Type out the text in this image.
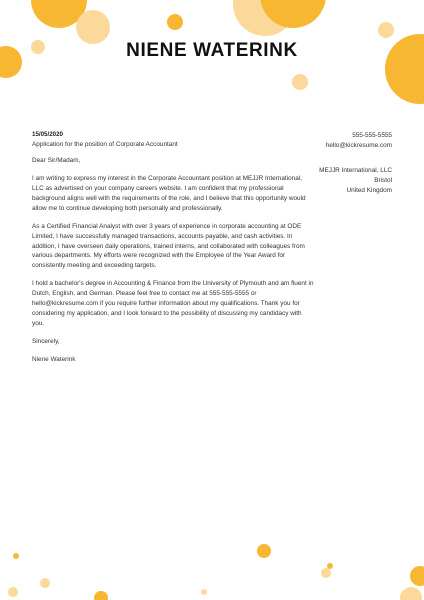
NIENE WATERINK
15/05/2020
Application for the position of Corporate Accountant
555-555-5555
hello@kickresume.com
MEJJR International, LLC
Bristol
United Kingdom

Dear Sir/Madam,

I am writing to express my interest in the Corporate Accountant position at MEJJR International, LLC as advertised on your company careers website. I am confident that my professional background aligns well with the requirements of the role, and I believe that this opportunity would allow me to continue developing both personally and professionally.

As a Certified Financial Analyst with over 3 years of experience in corporate accounting at ODE Limited, I have successfully managed transactions, accounts payable, and cash activities. In addition, I have overseen daily operations, trained interns, and collaborated with colleagues from various departments. My efforts were recognized with the Employee of the Year Award for consistently meeting and exceeding targets.

I hold a bachelor's degree in Accounting & Finance from the University of Plymouth and am fluent in Dutch, English, and German. Please feel free to contact me at 555-555-5555 or hello@kickresume.com if you require further information about my qualifications. Thank you for considering my application, and I look forward to the possibility of discussing my candidacy with you.

Sincerely,

Niene Waterink
